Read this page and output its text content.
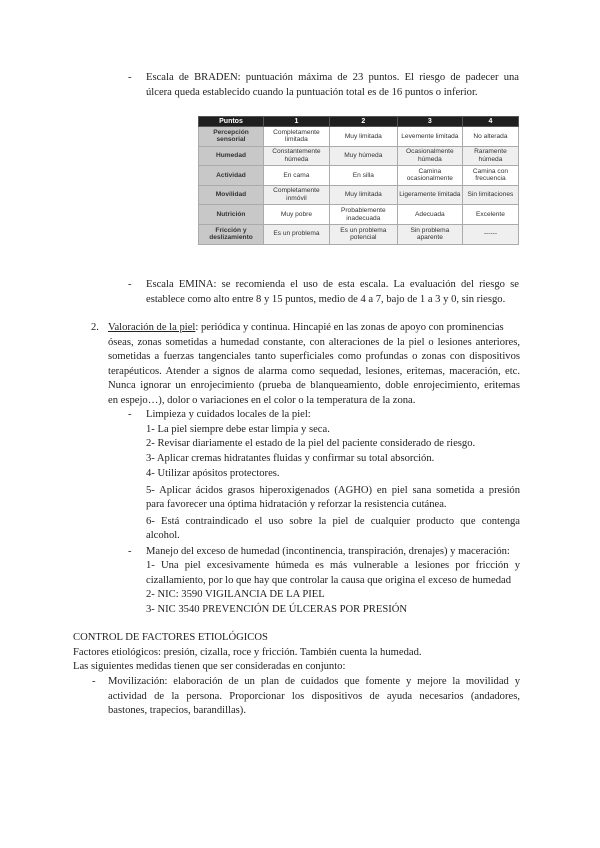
- Escala de BRADEN: puntuación máxima de 23 puntos. El riesgo de padecer una
úlcera queda establecido cuando la puntuación total es de 16 puntos o inferior.
Puntos	1	2	3	4
Percepción sensorial	Completamente limitada	Muy limitada	Levemente limitada	No alterada
Humedad	Constantemente húmeda	Muy húmeda	Ocasionalmente húmeda	Raramente húmeda
Actividad	En cama	En silla	Camina ocasionalmente	Camina con frecuencia
Movilidad	Completamente inmóvil	Muy limitada	Ligeramente limitada	Sin limitaciones
Nutrición	Muy pobre	Probablemente inadecuada	Adecuada	Excelente
Fricción y deslizamiento	Es un problema	Es un problema potencial	Sin problema aparente	------
- Escala EMINA: se recomienda el uso de esta escala. La evaluación del riesgo se
establece como alto entre 8 y 15 puntos, medio de 4 a 7, bajo de 1 a 3 y 0, sin riesgo.
2. Valoración de la piel: periódica y continua. Hincapié en las zonas de apoyo con prominencias
óseas, zonas sometidas a humedad constante, con alteraciones de la piel o lesiones anteriores,
sometidas a fuerzas tangenciales tanto superficiales como profundas o zonas con dispositivos
terapéuticos. Atender a signos de alarma como sequedad, lesiones, eritemas, maceración, etc.
Nunca ignorar un enrojecimiento (prueba de blanqueamiento, doble enrojecimiento, eritemas
en espejo…), dolor o variaciones en el color o la temperatura de la zona.
- Limpieza y cuidados locales de la piel:
1- La piel siempre debe estar limpia y seca.
2- Revisar diariamente el estado de la piel del paciente considerado de riesgo.
3- Aplicar cremas hidratantes fluidas y confirmar su total absorción.
4- Utilizar apósitos protectores.
5- Aplicar ácidos grasos hiperoxigenados (AGHO) en piel sana sometida a presión
para favorecer una óptima hidratación y reforzar la resistencia cutánea.
6- Está contraindicado el uso sobre la piel de cualquier producto que contenga
alcohol.
- Manejo del exceso de humedad (incontinencia, transpiración, drenajes) y maceración:
1- Una piel excesivamente húmeda es más vulnerable a lesiones por fricción y
cizallamiento, por lo que hay que controlar la causa que origina el exceso de humedad
2- NIC: 3590 VIGILANCIA DE LA PIEL
3- NIC 3540 PREVENCIÓN DE ÚLCERAS POR PRESIÓN
CONTROL DE FACTORES ETIOLÓGICOS
Factores etiológicos: presión, cizalla, roce y fricción. También cuenta la humedad.
Las siguientes medidas tienen que ser consideradas en conjunto:
- Movilización: elaboración de un plan de cuidados que fomente y mejore la movilidad y
actividad de la persona. Proporcionar los dispositivos de ayuda necesarios (andadores,
bastones, trapecios, barandillas).
